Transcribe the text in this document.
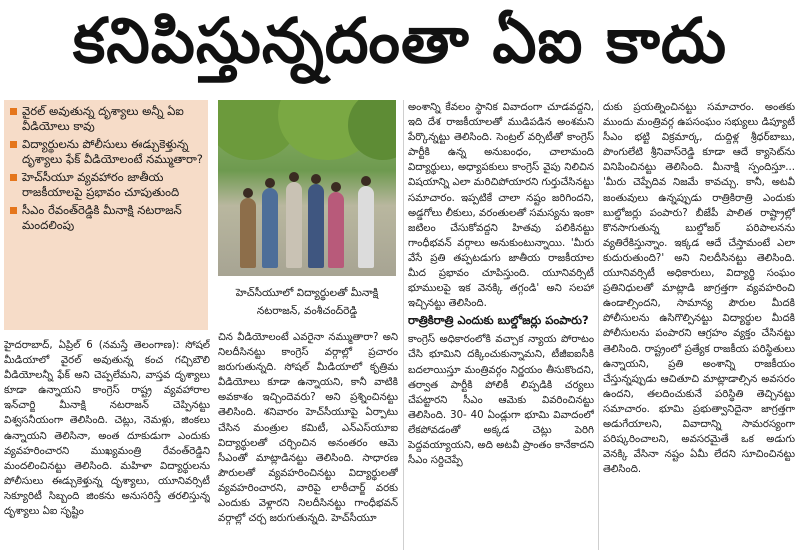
కనిపిస్తున్నదంతా ఏఐ కాదు
వైరల్ అవుతున్న దృశ్యాలు అన్నీ ఏఐ వీడియోలు కావు
విద్యార్థులను పోలీసులు ఈడ్చుకెళ్తున్న దృశ్యాలు ఫేక్ వీడియోలంటే నమ్ముతారా?
హెచ్‌సీయూ వ్యవహారం జాతీయ రాజకీయాలపై ప్రభావం చూపుతుంది
సీఎం రేవంత్‌రెడ్డికి మీనాక్షి నటరాజన్ మందలింపు
హెచ్‌సీయూలో విద్యార్థులతో మీనాక్షి నటరాజన్, వంశీచంద్‌రెడ్డి

హైదరాబాద్, ఏప్రిల్ 6 (నమస్తే తెలంగాణ): సోషల్ మీడియాలో వైరల్ అవుతున్న కంచ గచ్చిబౌలి వీడియోలన్నీ ఫేక్ అని చెప్పలేమని, వాస్తవ దృశ్యాలు కూడా ఉన్నాయని కాంగ్రెస్ రాష్ట్ర వ్యవహారాల ఇన్‌చార్జి మీనాక్షి నటరాజన్ చెప్పినట్టు విశ్వసనీయంగా తెలిసింది. చెట్లు, నెమళ్లు, జింకలు ఉన్నాయని తెలిసినా, అంత దూకుడుగా ఎందుకు వ్యవహరించారని ముఖ్యమంత్రి రేవంత్‌రెడ్డిని మందలించినట్టు తెలిసింది. మహిళా విద్యార్థులను పోలీసులు ఈడ్చుకెళ్తున్న దృశ్యాలు, యూనివర్సిటీ సెక్యూరిటీ సిబ్బంది జింకను అనుసరిస్తే తరలిస్తున్న దృశ్యాలు ఏఐ సృష్టిం

చిన వీడియోలంటే ఎవరైనా నమ్ముతారా? అని నిలదీసినట్టు కాంగ్రెస్ వర్గాల్లో ప్రచారం జరుగుతున్నది. సోషల్ మీడియాలో కృత్రిమ వీడియోలు కూడా ఉన్నాయని, కానీ వాటికి అవకాశం ఇచ్చిందెవరు? అని ప్రశ్నించినట్టు తెలిసింది. శనివారం హెచ్‌సీయూపై ఏర్పాటు చేసిన మంత్రుల కమిటీ, ఎన్‌ఎస్‌యూఐ విద్యార్థులతో చర్చించిన అనంతరం ఆమె సీఎంతో మాట్లాడినట్టు తెలిసింది. సాధారణ పౌరులతో వ్యవహరించినట్టు విద్యార్థులతో వ్యవహరించారని, వారిపై లాఠీచార్జ్ వరకు ఎందుకు వెళ్లారని నిలదీసినట్టు గాంధీభవన్ వర్గాల్లో చర్చ జరుగుతున్నది. హెచ్‌సీయూ

అంశాన్ని కేవలం స్థానిక వివాదంగా చూడవద్దని, ఇది దేశ రాజకీయాలతో ముడిపడిన అంశమని పేర్కొన్నట్టు తెలిసింది. సెంట్రల్ వర్సిటీతో కాంగ్రెస్ పార్టీకి ఉన్న అనుబంధం, చాలామంది విద్యార్థులు, అధ్యాపకులు కాంగ్రెస్ వైపు నిలిచిన విషయాన్ని ఎలా మరిచిపోయారని గుర్తుచేసినట్టు సమాచారం. ఇప్పటికే చాలా నష్టం జరిగిందని, అడ్డగోలు లీకులు, వరంతులతో సమస్యను ఇంకా జటిలం చేసుకోవద్దని హితవు పలికినట్టు గాంధీభవన్ వర్గాలు అనుకుంటున్నాయి. 'మీరు వేసే ప్రతి తప్పటడుగు జాతీయ రాజకీయాల మీద ప్రభావం చూపిస్తుంది. యూనివర్సిటీ భూములపై ఇక వెనక్కి తగ్గండి' అని సలహా ఇచ్చినట్టు తెలిసింది.

రాత్రికిరాత్రి ఎందుకు బుల్డోజర్లు పంపారు?

కాంగ్రెస్ అధికారంలోకి వచ్చాక న్యాయ పోరాటం చేసి భూమిని దక్కించుకున్నామని, టీజీఐఐసీకి బదలాయిస్తూ మంత్రివర్గం నిర్ణయం తీసుకొందని, తర్వాత పార్టీకి పోలికీ లిప్పడికి చర్యలు చేపట్టారని సీఎం ఆమెకు వివరించినట్టు తెలిసింది. 30- 40 ఏండ్లుగా భూమి వివాదంలో లేకపోవడంతో అక్కడ చెట్లు పెరిగి పెద్దవయ్యాయని, అది అటవీ ప్రాంతం కానేకాదని సీఎం సర్దిచెప్పే

దుకు ప్రయత్నించినట్టు సమాచారం. అంతకు ముందు మంత్రివర్గ ఉపసంఘం సభ్యులు డిప్యూటీ సీఎం భట్టి విక్రమార్క, దుద్దిళ్ల శ్రీధర్‌బాబు, పొంగులేటి శ్రీనివాస్‌రెడ్డి కూడా ఆదే క్యాసెట్‌ను వినిపించినట్టు తెలిసింది. మీనాక్షి స్పందిస్తూ... 'మీరు చెప్పేదివ నిజమే కావచ్చు. కానీ, అటవీ జంతువులు ఉన్నప్పుడు రాత్రికిరాత్రి ఎందుకు బుల్డోజర్లు పంపారు? బీజేపీ పాలిత రాష్ట్రాల్లో కొనసాగుతున్న బుల్డోజర్ పరిపాలనను వ్యతిరేకిస్తున్నాం. ఇక్కడ ఆదే చేస్తామంటే ఎలా కుదురుతుంది?' అని నిలదీసినట్టు తెలిసింది. యూనివర్సిటీ అధికారులు, విద్యార్థి సంఘం ప్రతినిధులతో మాట్లాడి జాగ్రత్తగా వ్యవహరించి ఉండాల్సిందని, సామాన్య పౌరుల మీదకి పోలీసులను ఉసిగొల్పినట్టు విద్యార్థుల మీదకి పోలీసులను పంపారని ఆగ్రహం వ్యక్తం చేసినట్టు తెలిసింది. రాష్ట్రంలో ప్రత్యేక రాజకీయ పరిస్థితులు ఉన్నాయని, ప్రతి అంశాన్ని రాజకీయం చేస్తున్నప్పుడు ఆచితూచి మాట్లాడాల్సిన అవసరం ఉందని, తలదించుకునే పరిస్థితి తెచ్చినట్టు సమాచారం. భూమి ప్రభుత్వానిదైనా జాగ్రత్తగా అడుగేయాలని, వివాదాన్ని సామరస్యంగా పరిష్కరించాలని, అవసరమైతే ఒక అడుగు వెనక్కి వేసినా నష్టం ఏమీ లేదని సూచించినట్టు తెలిసింది.
